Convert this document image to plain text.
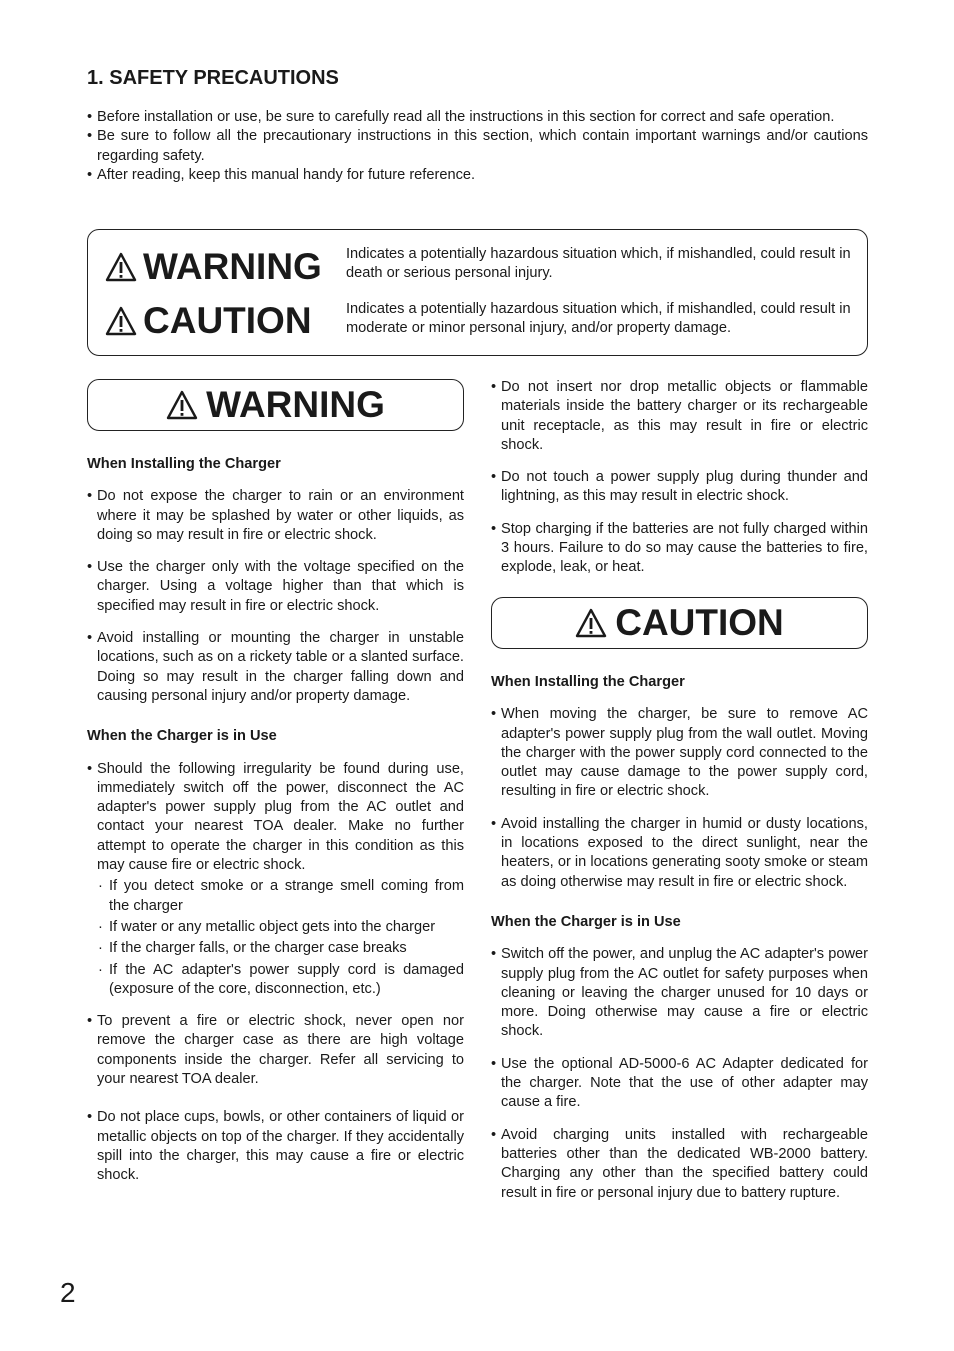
1. SAFETY PRECAUTIONS
• Before installation or use, be sure to carefully read all the instructions in this section for correct and safe operation.
• Be sure to follow all the precautionary instructions in this section, which contain important warnings and/or cautions regarding safety.
• After reading, keep this manual handy for future reference.
WARNING Indicates a potentially hazardous situation which, if mishandled, could result in death or serious personal injury.
CAUTION Indicates a potentially hazardous situation which, if mishandled, could result in moderate or minor personal injury, and/or property damage.
WARNING
When Installing the Charger
• Do not expose the charger to rain or an environment where it may be splashed by water or other liquids, as doing so may result in fire or electric shock.
• Use the charger only with the voltage specified on the charger. Using a voltage higher than that which is specified may result in fire or electric shock.
• Avoid installing or mounting the charger in unstable locations, such as on a rickety table or a slanted surface. Doing so may result in the charger falling down and causing personal injury and/or property damage.
When the Charger is in Use
• Should the following irregularity be found during use, immediately switch off the power, disconnect the AC adapter's power supply plug from the AC outlet and contact your nearest TOA dealer. Make no further attempt to operate the charger in this condition as this may cause fire or electric shock.
· If you detect smoke or a strange smell coming from the charger
· If water or any metallic object gets into the charger
· If the charger falls, or the charger case breaks
· If the AC adapter's power supply cord is damaged (exposure of the core, disconnection, etc.)
• To prevent a fire or electric shock, never open nor remove the charger case as there are high voltage components inside the charger. Refer all servicing to your nearest TOA dealer.
• Do not place cups, bowls, or other containers of liquid or metallic objects on top of the charger. If they accidentally spill into the charger, this may cause a fire or electric shock.
• Do not insert nor drop metallic objects or flammable materials inside the battery charger or its rechargeable unit receptacle, as this may result in fire or electric shock.
• Do not touch a power supply plug during thunder and lightning, as this may result in electric shock.
• Stop charging if the batteries are not fully charged within 3 hours. Failure to do so may cause the batteries to fire, explode, leak, or heat.
CAUTION
When Installing the Charger
• When moving the charger, be sure to remove AC adapter's power supply plug from the wall outlet. Moving the charger with the power supply cord connected to the outlet may cause damage to the power supply cord, resulting in fire or electric shock.
• Avoid installing the charger in humid or dusty locations, in locations exposed to the direct sunlight, near the heaters, or in locations generating sooty smoke or steam as doing otherwise may result in fire or electric shock.
When the Charger is in Use
• Switch off the power, and unplug the AC adapter's power supply plug from the AC outlet for safety purposes when cleaning or leaving the charger unused for 10 days or more. Doing otherwise may cause a fire or electric shock.
• Use the optional AD-5000-6 AC Adapter dedicated for the charger. Note that the use of other adapter may cause a fire.
• Avoid charging units installed with rechargeable batteries other than the dedicated WB-2000 battery. Charging any other than the specified battery could result in fire or personal injury due to battery rupture.
2
